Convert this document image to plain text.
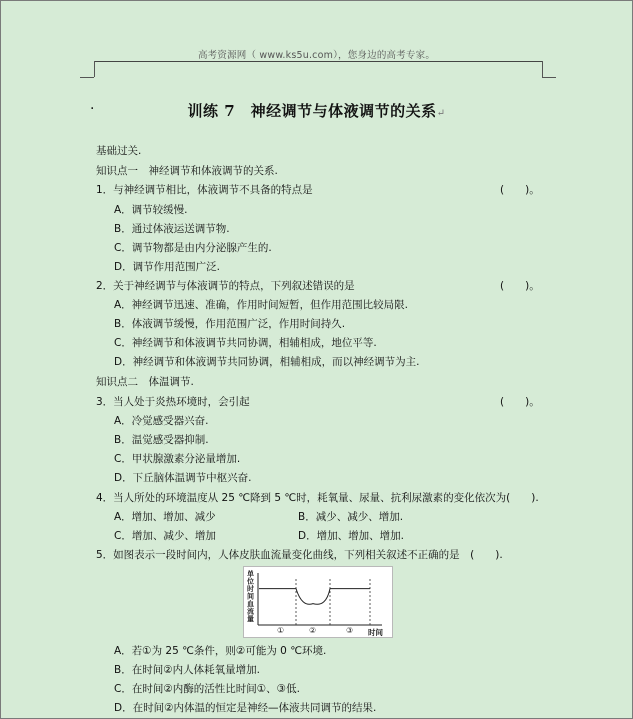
高考资源网（ www.ks5u.com），您身边的高考专家。
·	训练 7　神经调节与体液调节的关系↵
基础过关.
知识点一　神经调节和体液调节的关系.
1．与神经调节相比，体液调节不具备的特点是	(　　)。
A．调节较缓慢.
B．通过体液运送调节物.
C．调节物都是由内分泌腺产生的.
D．调节作用范围广泛.
2．关于神经调节与体液调节的特点，下列叙述错误的是	(　　)。
A．神经调节迅速、准确，作用时间短暂，但作用范围比较局限.
B．体液调节缓慢，作用范围广泛，作用时间持久.
C．神经调节和体液调节共同协调，相辅相成，地位平等.
D．神经调节和体液调节共同协调，相辅相成，而以神经调节为主.
知识点二　体温调节.
3．当人处于炎热环境时，会引起	(　　)。
A．冷觉感受器兴奋.
B．温觉感受器抑制.
C．甲状腺激素分泌量增加.
D．下丘脑体温调节中枢兴奋.
4．当人所处的环境温度从 25 ℃降到 5 ℃时，耗氧量、尿量、抗利尿激素的变化依次为(　　).
A．增加、增加、减少	B．减少、减少、增加.
C．增加、减少、增加	D．增加、增加、增加.
5．如图表示一段时间内，人体皮肤血流量变化曲线，下列相关叙述不正确的是　(　　).
单
位
时
间
血
流
量
时间
①	②	③
A．若①为 25 ℃条件，则②可能为 0 ℃环境.
B．在时间②内人体耗氧量增加.
C．在时间②内酶的活性比时间①、③低.
D．在时间②内体温的恒定是神经—体液共同调节的结果.
